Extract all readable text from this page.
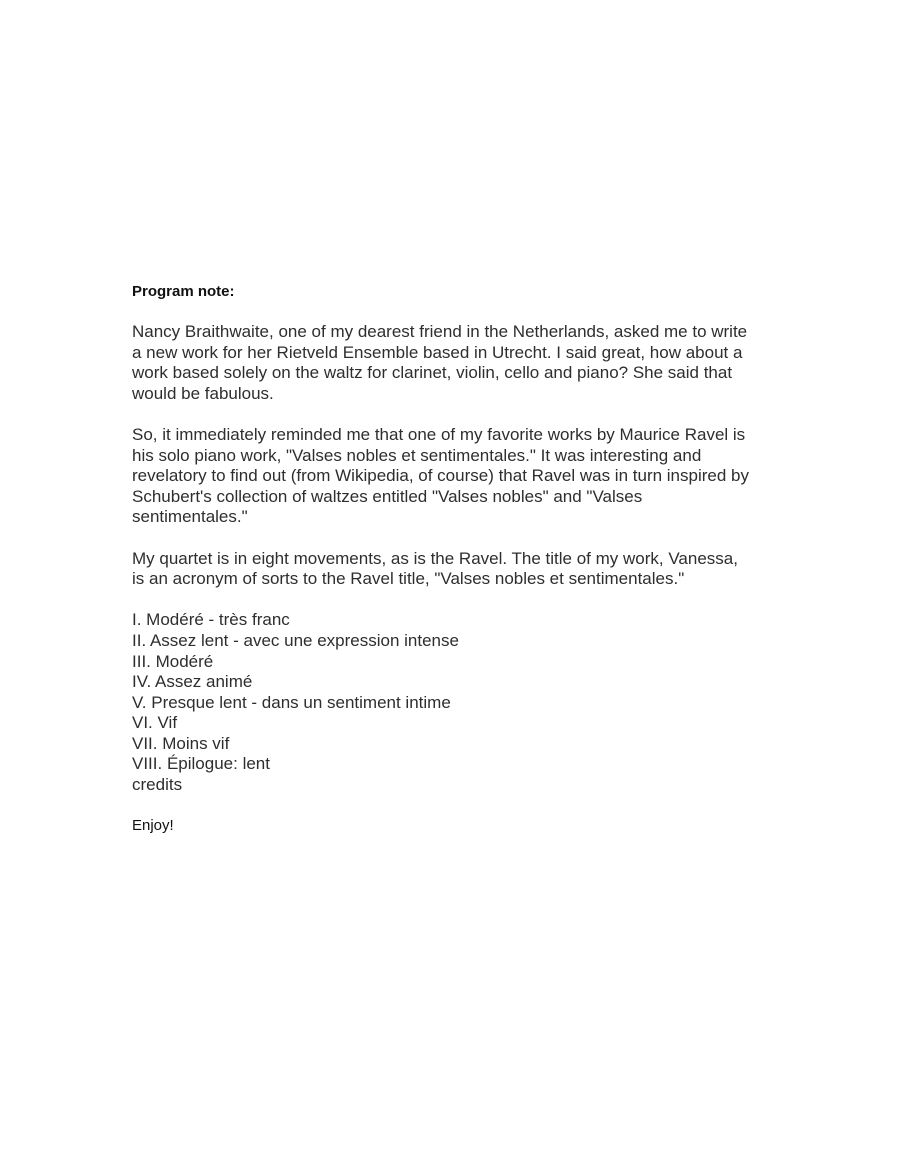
Program note:

Nancy Braithwaite, one of my dearest friend in the Netherlands, asked me to write a new work for her Rietveld Ensemble based in Utrecht. I said great, how about a work based solely on the waltz for clarinet, violin, cello and piano? She said that would be fabulous.

So, it immediately reminded me that one of my favorite works by Maurice Ravel is his solo piano work, "Valses nobles et sentimentales." It was interesting and revelatory to find out (from Wikipedia, of course) that Ravel was in turn inspired by Schubert's collection of waltzes entitled "Valses nobles" and "Valses sentimentales."

My quartet is in eight movements, as is the Ravel. The title of my work, Vanessa, is an acronym of sorts to the Ravel title, "Valses nobles et sentimentales."

I. Modéré - très franc
II. Assez lent - avec une expression intense
III. Modéré
IV. Assez animé
V. Presque lent - dans un sentiment intime
VI. Vif
VII. Moins vif
VIII. Épilogue: lent
credits

Enjoy!
